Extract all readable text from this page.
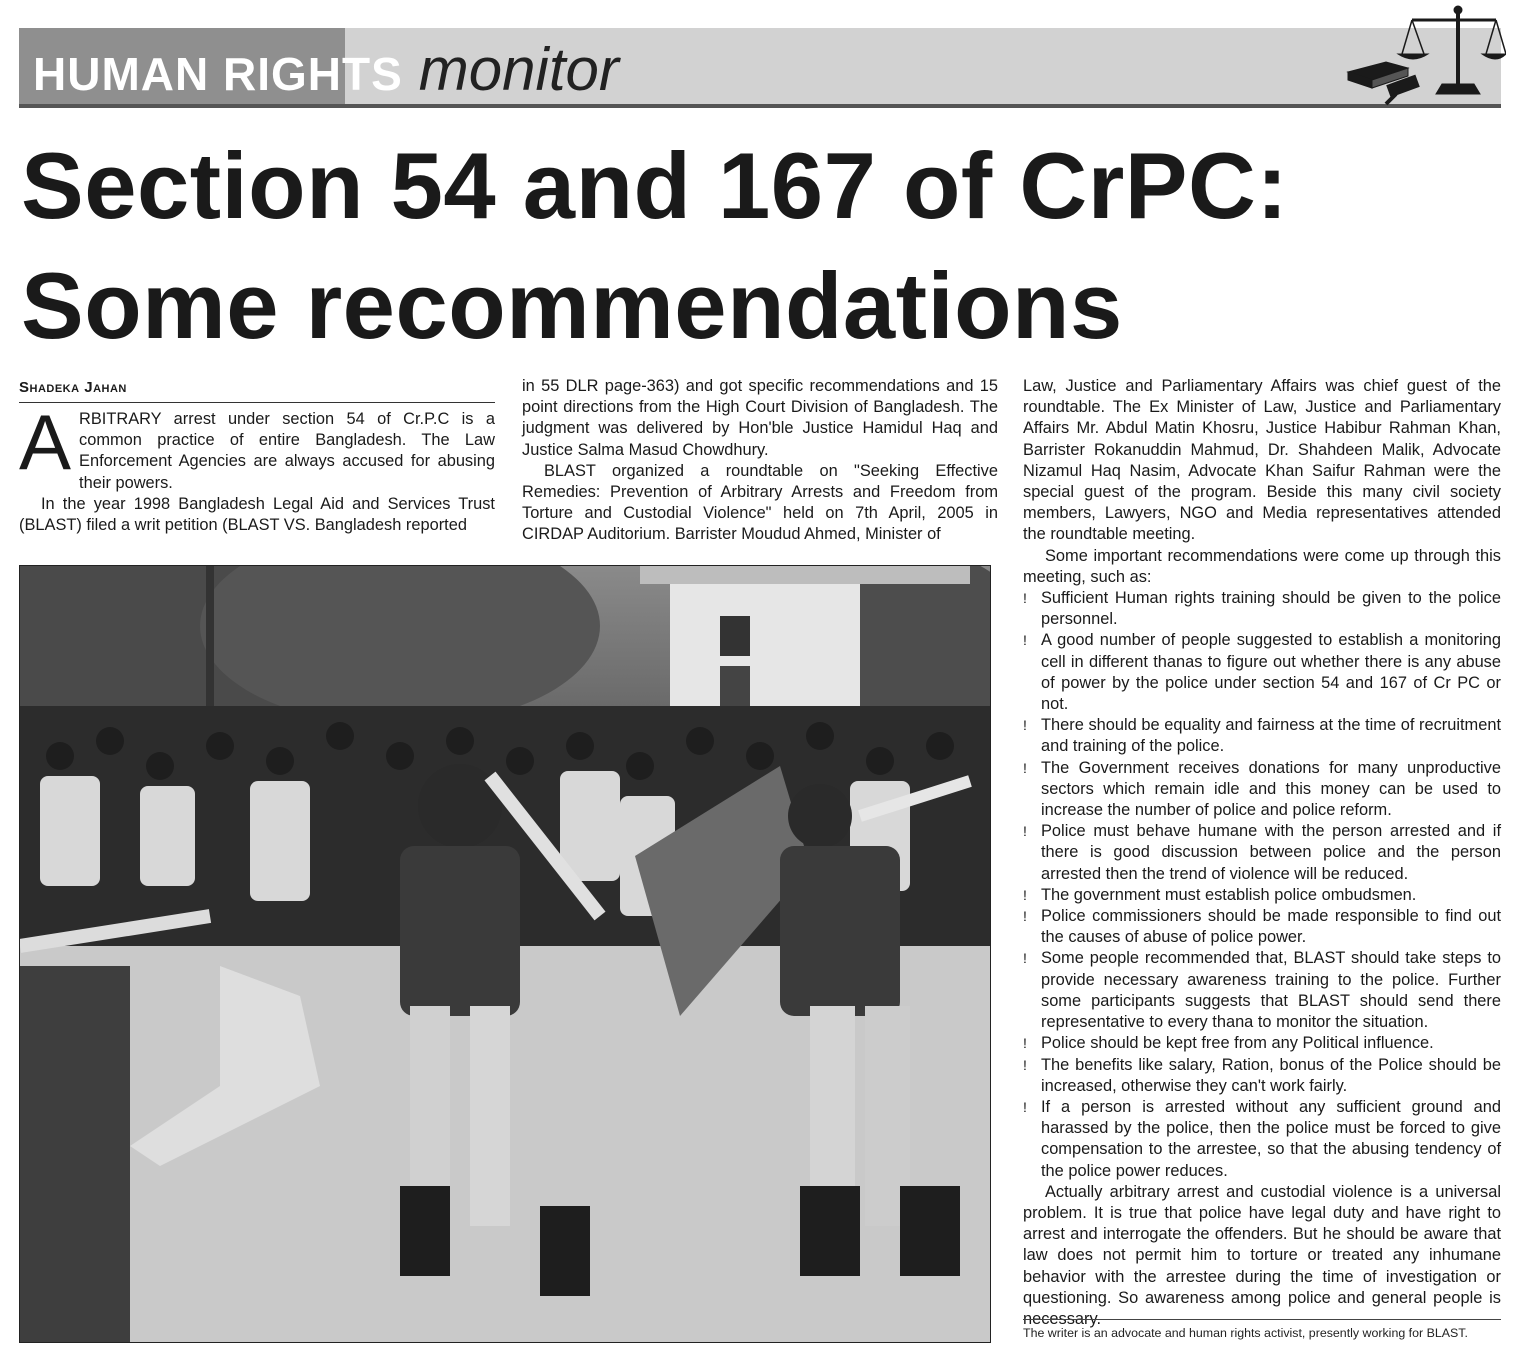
HUMAN RIGHTS monitor
Section 54 and 167 of CrPC: Some recommendations
Shadeka Jahan

ARBITRARY arrest under section 54 of Cr.P.C is a common practice of entire Bangladesh. The Law Enforcement Agencies are always accused for abusing their powers.

In the year 1998 Bangladesh Legal Aid and Services Trust (BLAST) filed a writ petition (BLAST VS. Bangladesh reported

in 55 DLR page-363) and got specific recommendations and 15 point directions from the High Court Division of Bangladesh. The judgment was delivered by Hon'ble Justice Hamidul Haq and Justice Salma Masud Chowdhury.

BLAST organized a roundtable on "Seeking Effective Remedies: Prevention of Arbitrary Arrests and Freedom from Torture and Custodial Violence" held on 7th April, 2005 in CIRDAP Auditorium. Barrister Moudud Ahmed, Minister of

Law, Justice and Parliamentary Affairs was chief guest of the roundtable. The Ex Minister of Law, Justice and Parliamentary Affairs Mr. Abdul Matin Khosru, Justice Habibur Rahman Khan, Barrister Rokanuddin Mahmud, Dr. Shahdeen Malik, Advocate Nizamul Haq Nasim, Advocate Khan Saifur Rahman were the special guest of the program. Beside this many civil society members, Lawyers, NGO and Media representatives attended the roundtable meeting.

Some important recommendations were come up through this meeting, such as:

! Sufficient Human rights training should be given to the police personnel.
! A good number of people suggested to establish a monitoring cell in different thanas to figure out whether there is any abuse of power by the police under section 54 and 167 of Cr PC or not.
! There should be equality and fairness at the time of recruitment and training of the police.
! The Government receives donations for many unproductive sectors which remain idle and this money can be used to increase the number of police and police reform.
! Police must behave humane with the person arrested and if there is good discussion between police and the person arrested then the trend of violence will be reduced.
! The government must establish police ombudsmen.
! Police commissioners should be made responsible to find out the causes of abuse of police power.
! Some people recommended that, BLAST should take steps to provide necessary awareness training to the police. Further some participants suggests that BLAST should send there representative to every thana to monitor the situation.
! Police should be kept free from any Political influence.
! The benefits like salary, Ration, bonus of the Police should be increased, otherwise they can't work fairly.
! If a person is arrested without any sufficient ground and harassed by the police, then the police must be forced to give compensation to the arrestee, so that the abusing tendency of the police power reduces.

Actually arbitrary arrest and custodial violence is a universal problem. It is true that police have legal duty and have right to arrest and interrogate the offenders. But he should be aware that law does not permit him to torture or treated any inhumane behavior with the arrestee during the time of investigation or questioning. So awareness among police and general people is necessary.

The writer is an advocate and human rights activist, presently working for BLAST.
